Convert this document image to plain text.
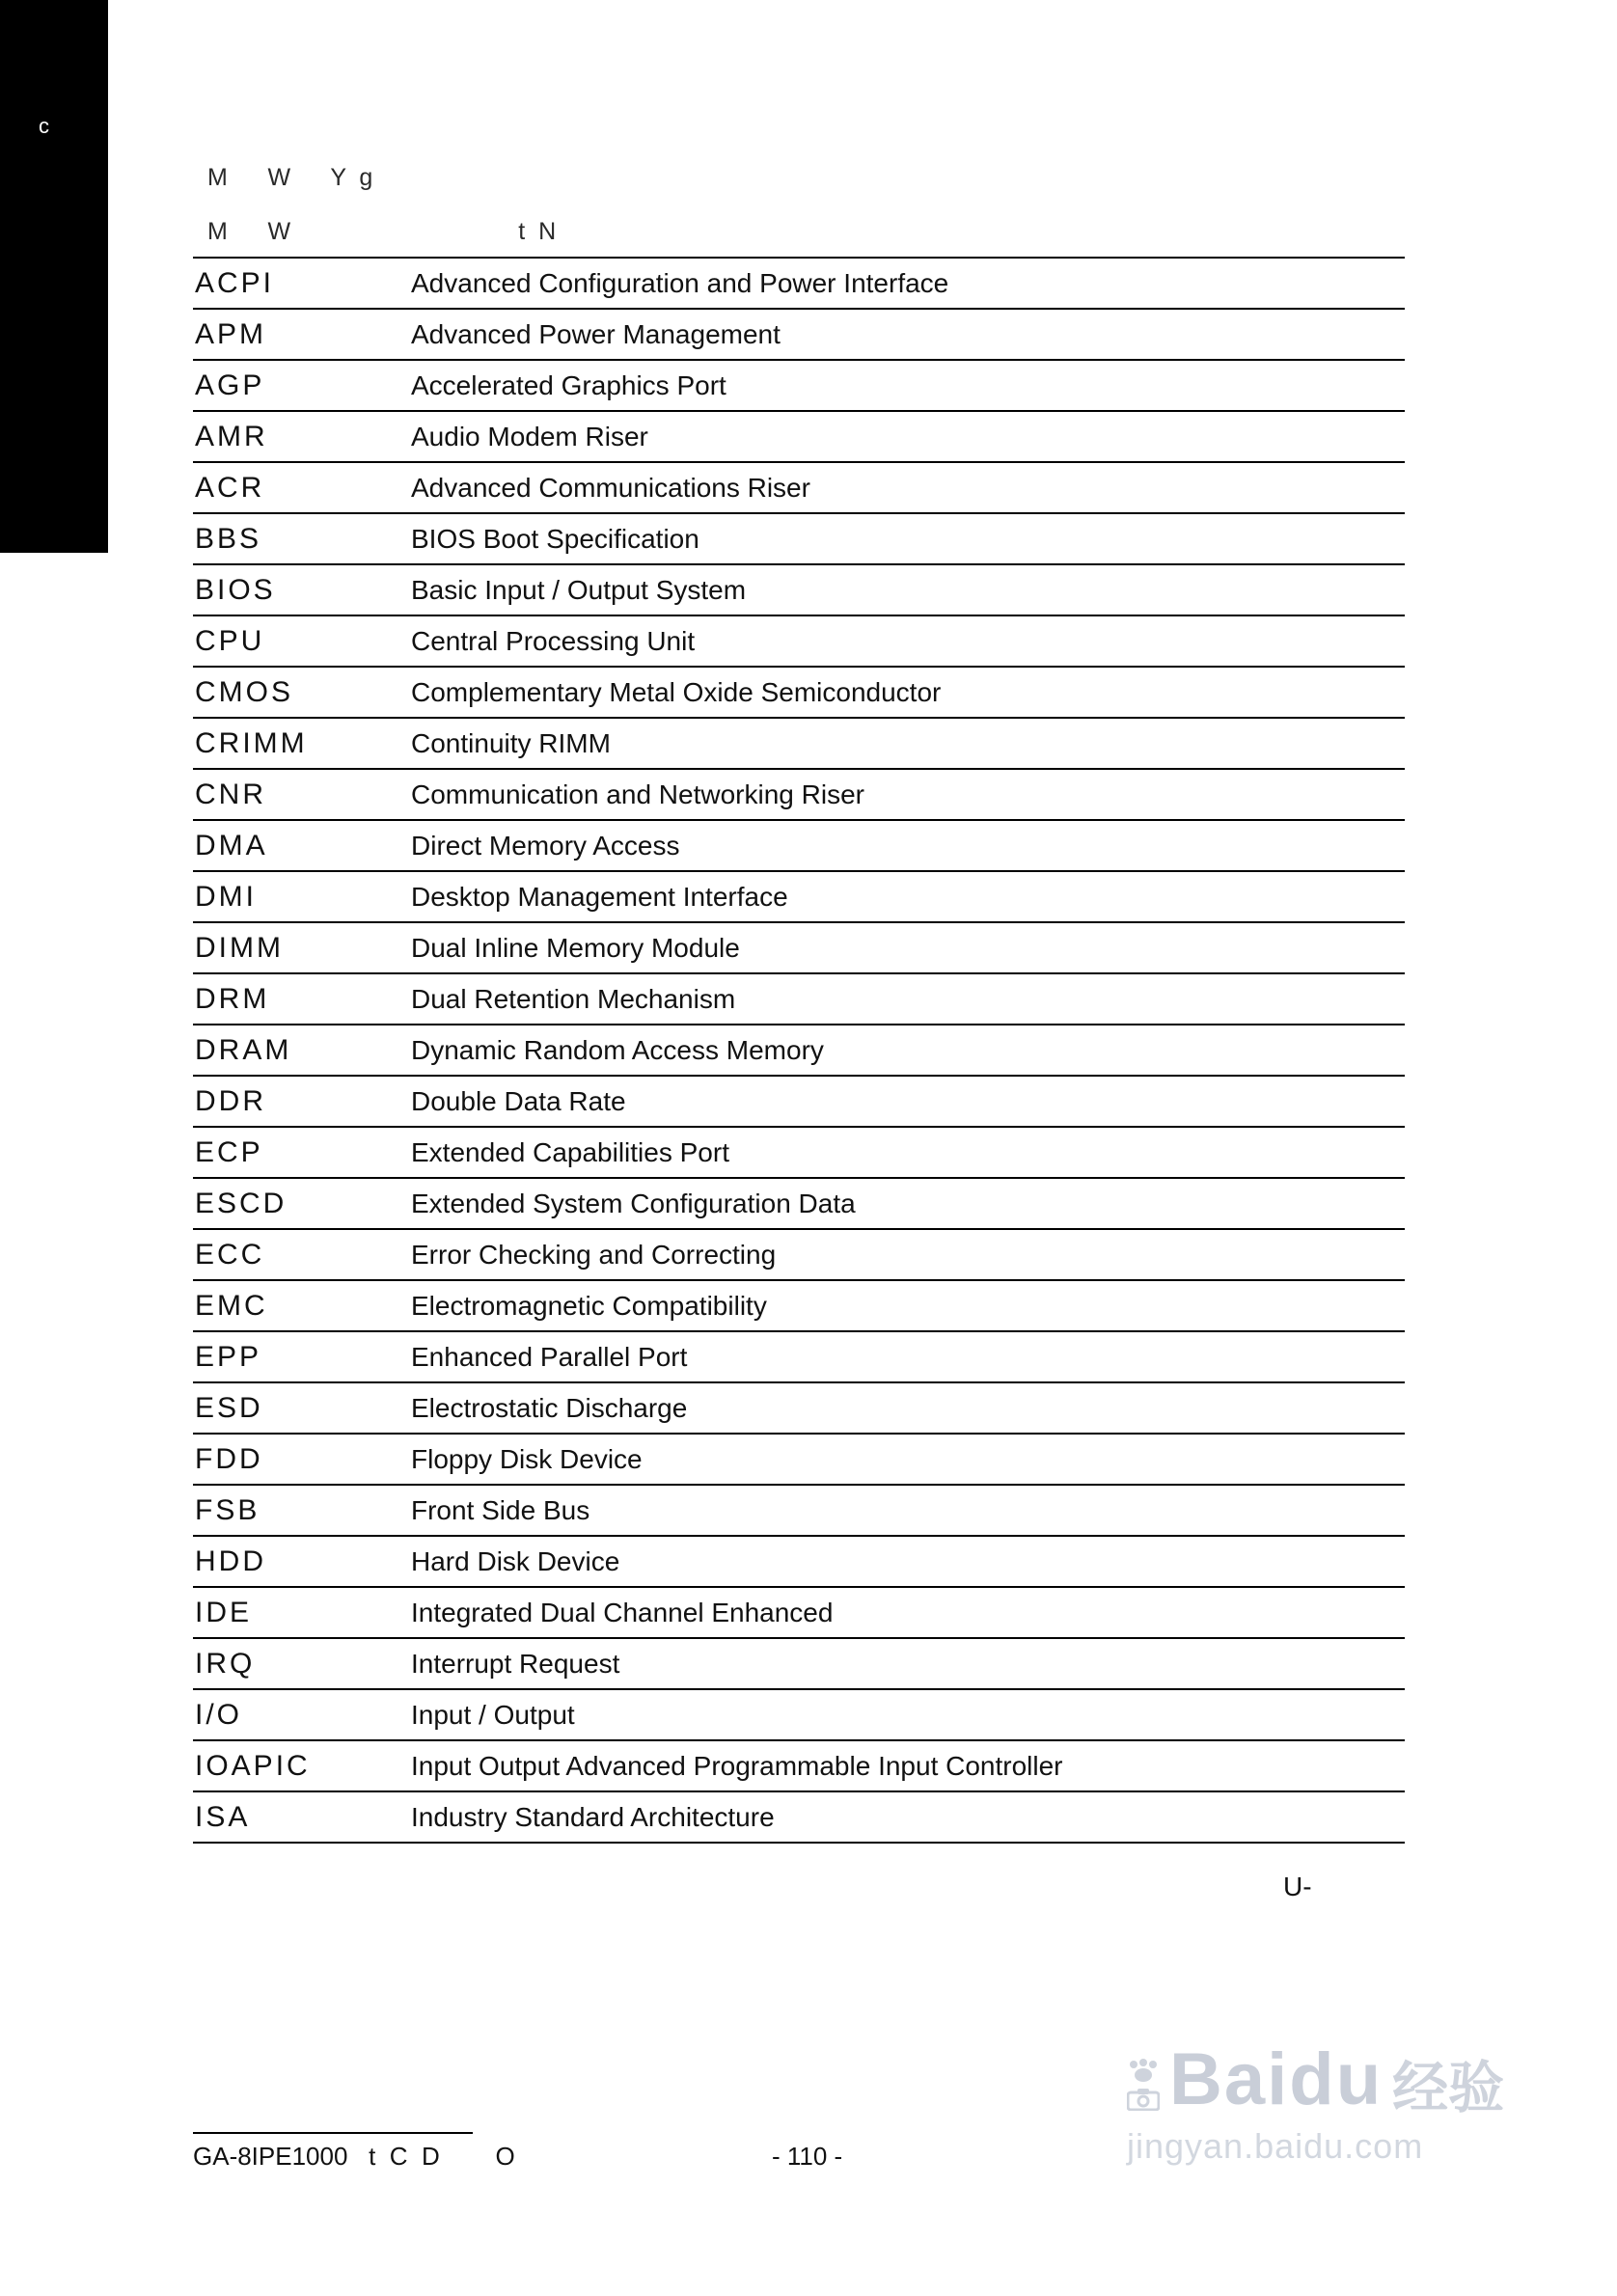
c
M      W      Y  g
M      W                                  t  N
ACPI	Advanced Configuration and Power Interface
APM	Advanced Power Management
AGP	Accelerated Graphics Port
AMR	Audio Modem Riser
ACR	Advanced Communications Riser
BBS	BIOS Boot Specification
BIOS	Basic Input / Output System
CPU	Central Processing Unit
CMOS	Complementary Metal Oxide Semiconductor
CRIMM	Continuity RIMM
CNR	Communication and Networking Riser
DMA	Direct Memory Access
DMI	Desktop Management Interface
DIMM	Dual Inline Memory Module
DRM	Dual Retention Mechanism
DRAM	Dynamic Random Access Memory
DDR	Double Data Rate
ECP	Extended Capabilities Port
ESCD	Extended System Configuration Data
ECC	Error Checking and Correcting
EMC	Electromagnetic Compatibility
EPP	Enhanced Parallel Port
ESD	Electrostatic Discharge
FDD	Floppy Disk Device
FSB	Front Side Bus
HDD	Hard Disk Device
IDE	Integrated Dual Channel Enhanced
IRQ	Interrupt Request
I/O	Input / Output
IOAPIC	Input Output Advanced Programmable Input Controller
ISA	Industry Standard Architecture
U-
GA-8IPE1000   t  C  D        O	- 110 -
Baidu 经验
jingyan.baidu.com
